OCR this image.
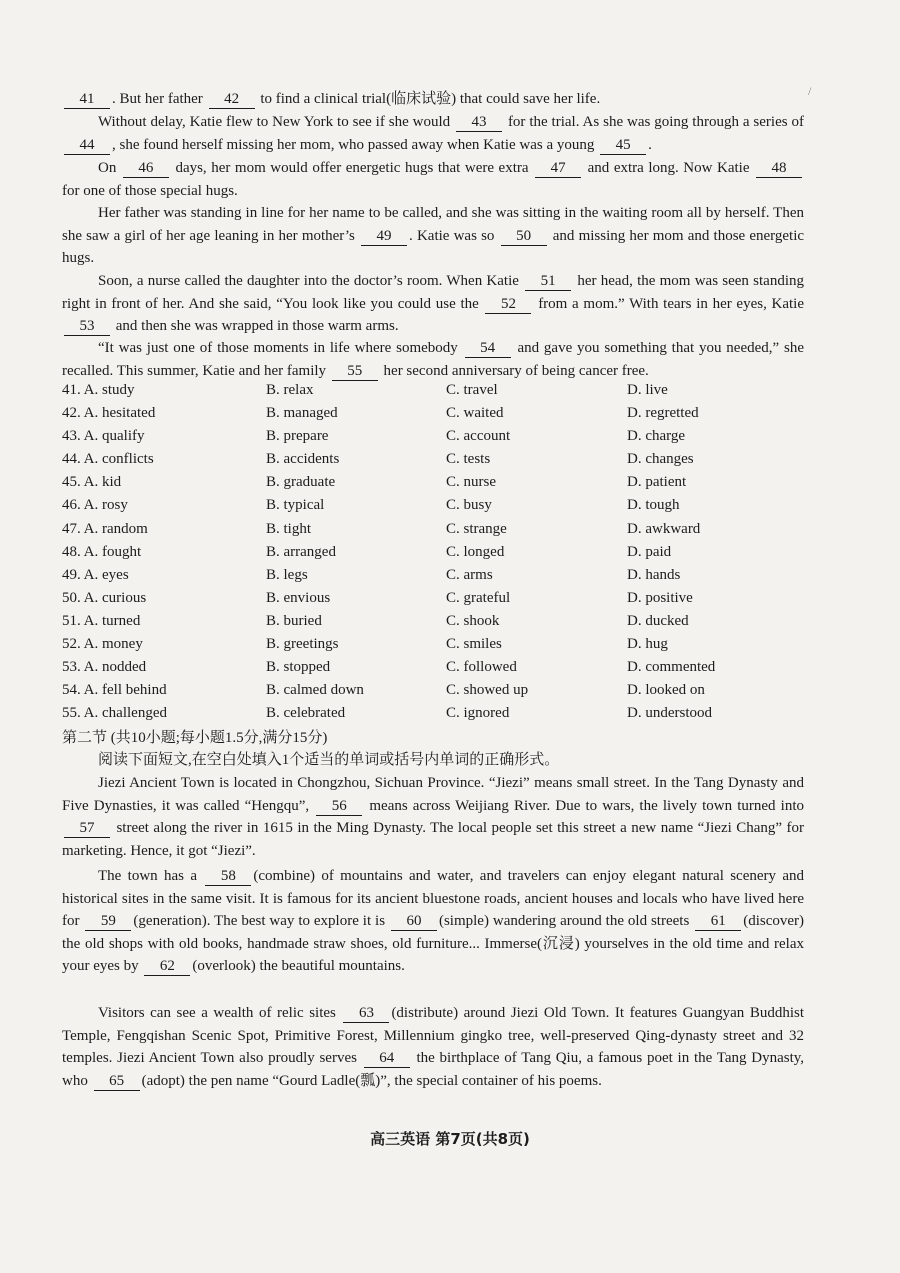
/

41 . But her father 42 to find a clinical trial(临床试验) that could save her life.

Without delay, Katie flew to New York to see if she would 43 for the trial. As she was going through a series of 44 , she found herself missing her mom, who passed away when Katie was a young 45 .

On 46 days, her mom would offer energetic hugs that were extra 47 and extra long. Now Katie 48 for one of those special hugs.

Her father was standing in line for her name to be called, and she was sitting in the waiting room all by herself. Then she saw a girl of her age leaning in her mother’s 49 . Katie was so 50 and missing her mom and those energetic hugs.

Soon, a nurse called the daughter into the doctor’s room. When Katie 51 her head, the mom was seen standing right in front of her. And she said, “You look like you could use the 52 from a mom.” With tears in her eyes, Katie 53 and then she was wrapped in those warm arms.

“It was just one of those moments in life where somebody 54 and gave you something that you needed,” she recalled. This summer, Katie and her family 55 her second anniversary of being cancer free.

41. A. study	B. relax	C. travel	D. live
42. A. hesitated	B. managed	C. waited	D. regretted
43. A. qualify	B. prepare	C. account	D. charge
44. A. conflicts	B. accidents	C. tests	D. changes
45. A. kid	B. graduate	C. nurse	D. patient
46. A. rosy	B. typical	C. busy	D. tough
47. A. random	B. tight	C. strange	D. awkward
48. A. fought	B. arranged	C. longed	D. paid
49. A. eyes	B. legs	C. arms	D. hands
50. A. curious	B. envious	C. grateful	D. positive
51. A. turned	B. buried	C. shook	D. ducked
52. A. money	B. greetings	C. smiles	D. hug
53. A. nodded	B. stopped	C. followed	D. commented
54. A. fell behind	B. calmed down	C. showed up	D. looked on
55. A. challenged	B. celebrated	C. ignored	D. understood
第二节 (共10小题;每小题1.5分,满分15分)
阅读下面短文,在空白处填入1个适当的单词或括号内单词的正确形式。

Jiezi Ancient Town is located in Chongzhou, Sichuan Province. “Jiezi” means small street. In the Tang Dynasty and Five Dynasties, it was called “Hengqu”, 56 means across Weijiang River. Due to wars, the lively town turned into 57 street along the river in 1615 in the Ming Dynasty. The local people set this street a new name “Jiezi Chang” for marketing. Hence, it got “Jiezi”.

The town has a 58 (combine) of mountains and water, and travelers can enjoy elegant natural scenery and historical sites in the same visit. It is famous for its ancient bluestone roads, ancient houses and locals who have lived here for 59 (generation). The best way to explore it is 60 (simple) wandering around the old streets 61 (discover) the old shops with old books, handmade straw shoes, old furniture... Immerse(沉浸) yourselves in the old time and relax your eyes by 62 (overlook) the beautiful mountains.

Visitors can see a wealth of relic sites 63 (distribute) around Jiezi Old Town. It features Guangyan Buddhist Temple, Fengqishan Scenic Spot, Primitive Forest, Millennium gingko tree, well-preserved Qing-dynasty street and 32 temples. Jiezi Ancient Town also proudly serves 64 the birthplace of Tang Qiu, a famous poet in the Tang Dynasty, who 65 (adopt) the pen name “Gourd Ladle(瓢)”, the special container of his poems.

高三英语 第7页(共8页)
